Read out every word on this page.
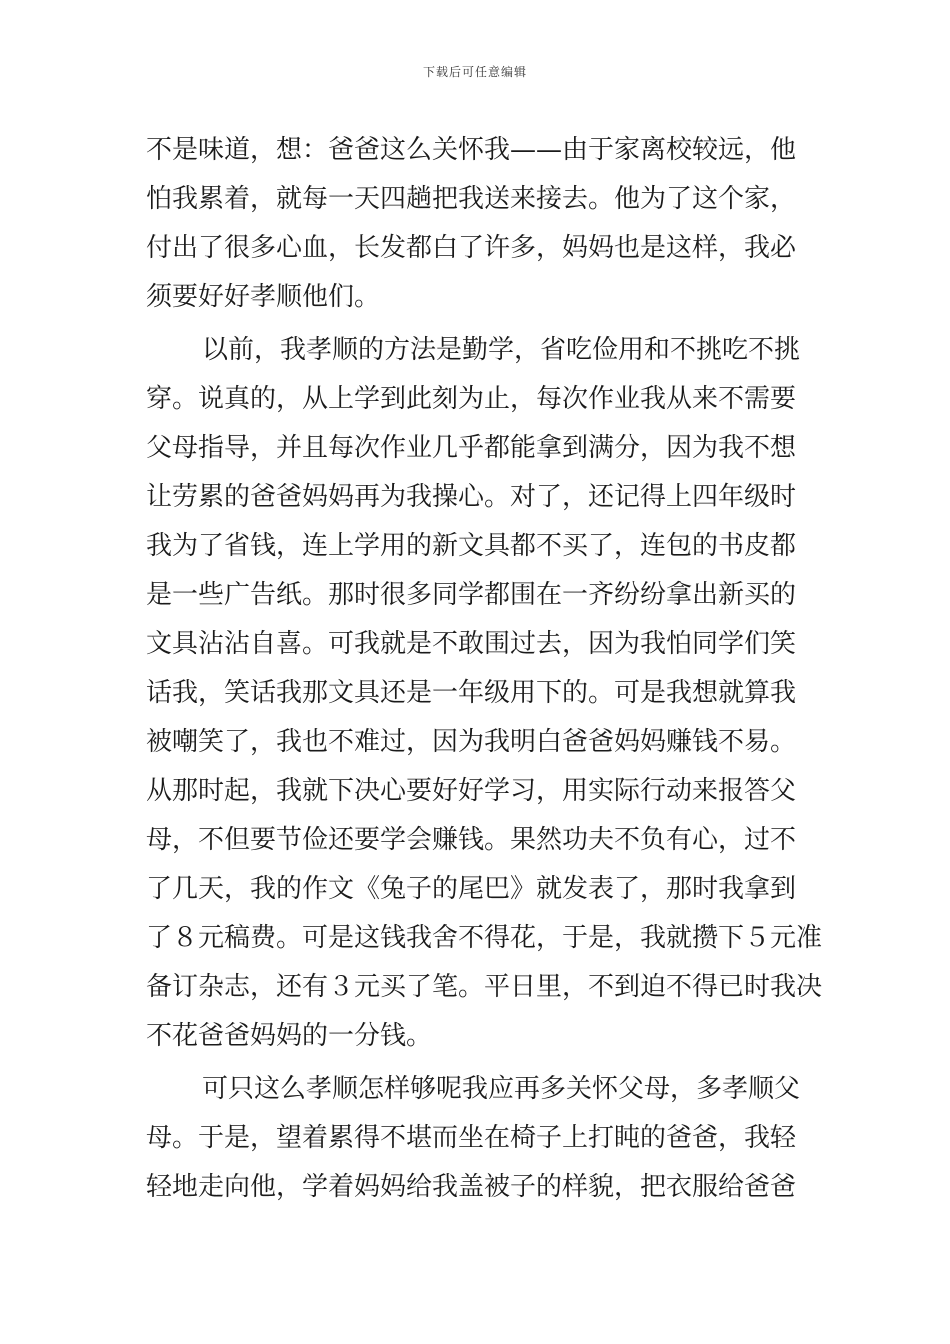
下载后可任意编辑
不是味道，想：爸爸这么关怀我——由于家离校较远，他
怕我累着，就每一天四趟把我送来接去。他为了这个家，
付出了很多心血，长发都白了许多，妈妈也是这样，我必
须要好好孝顺他们。
以前，我孝顺的方法是勤学，省吃俭用和不挑吃不挑
穿。说真的，从上学到此刻为止，每次作业我从来不需要
父母指导，并且每次作业几乎都能拿到满分，因为我不想
让劳累的爸爸妈妈再为我操心。对了，还记得上四年级时
我为了省钱，连上学用的新文具都不买了，连包的书皮都
是一些广告纸。那时很多同学都围在一齐纷纷拿出新买的
文具沾沾自喜。可我就是不敢围过去，因为我怕同学们笑
话我，笑话我那文具还是一年级用下的。可是我想就算我
被嘲笑了，我也不难过，因为我明白爸爸妈妈赚钱不易。
从那时起，我就下决心要好好学习，用实际行动来报答父
母，不但要节俭还要学会赚钱。果然功夫不负有心，过不
了几天，我的作文《兔子的尾巴》就发表了，那时我拿到
了８元稿费。可是这钱我舍不得花，于是，我就攒下５元准
备订杂志，还有３元买了笔。平日里，不到迫不得已时我决
不花爸爸妈妈的一分钱。
可只这么孝顺怎样够呢我应再多关怀父母，多孝顺父
母。于是，望着累得不堪而坐在椅子上打盹的爸爸，我轻
轻地走向他，学着妈妈给我盖被子的样貌，把衣服给爸爸
